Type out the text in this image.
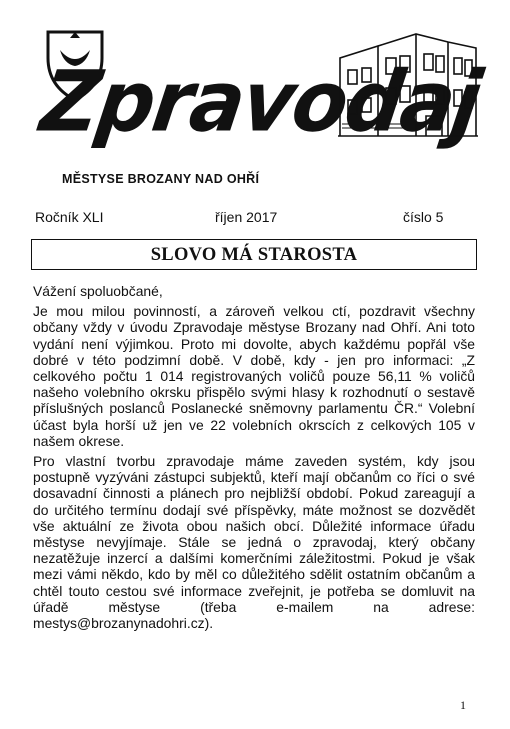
Zpravodaj
MĚSTYSE BROZANY NAD OHŘÍ
Ročník XLI	říjen 2017	číslo 5
SLOVO MÁ STAROSTA

Vážení spoluobčané,

Je mou milou povinností, a zároveň velkou ctí, pozdravit všechny občany vždy v úvodu Zpravodaje městyse Brozany nad Ohří. Ani toto vydání není výjimkou. Proto mi dovolte, abych každému popřál vše dobré v této podzimní době. V době, kdy - jen pro informaci: „Z celkového počtu 1 014 registrovaných voličů pouze 56,11 % voličů našeho volebního okrsku přispělo svými hlasy k rozhodnutí o sestavě příslušných poslanců Poslanecké sněmovny parlamentu ČR.“ Volební účast byla horší už jen ve 22 volebních okrscích z celkových 105 v našem okrese.

Pro vlastní tvorbu zpravodaje máme zaveden systém, kdy jsou postupně vyzýváni zástupci subjektů, kteří mají občanům co říci o své dosavadní činnosti a plánech pro nejbližší období. Pokud zareagují a do určitého termínu dodají své příspěvky, máte možnost se dozvědět vše aktuální ze života obou našich obcí. Důležité informace úřadu městyse nevyjímaje. Stále se jedná o zpravodaj, který občany nezatěžuje inzercí a dalšími komerčními záležitostmi. Pokud je však mezi vámi někdo, kdo by měl co důležitého sdělit ostatním občanům a chtěl touto cestou své informace zveřejnit, je potřeba se domluvit na úřadě městyse (třeba e-mailem na adrese: mestys@brozanynadohri.cz).

1
